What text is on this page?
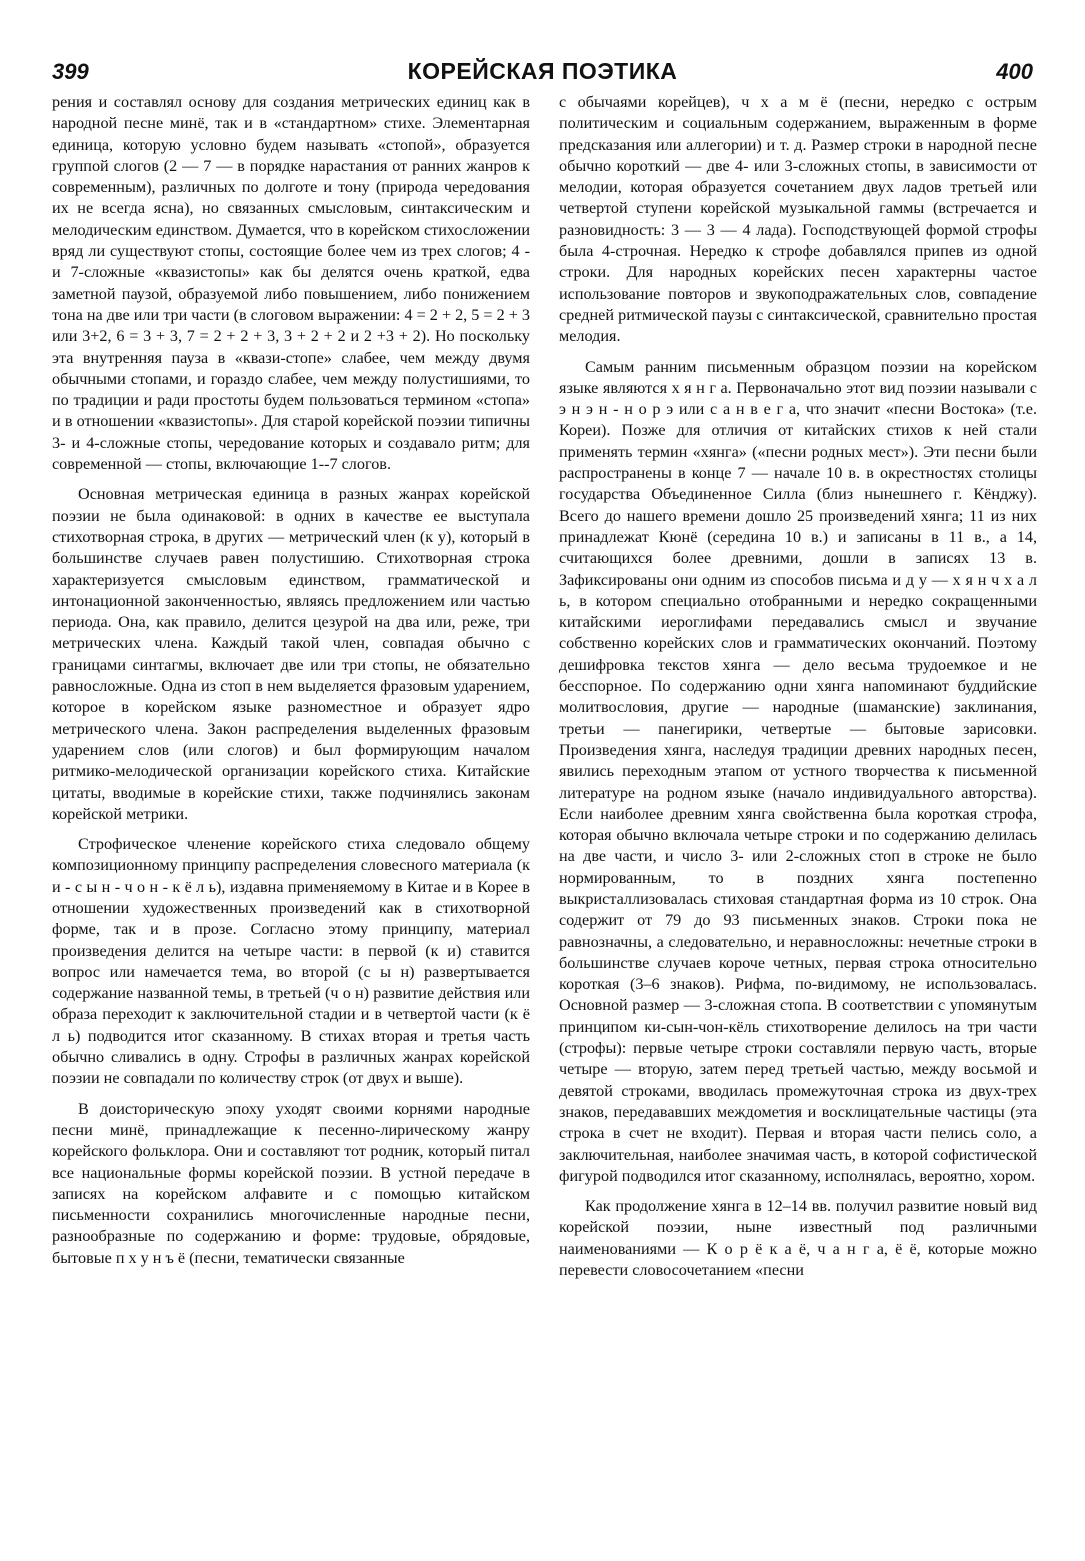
399	КОРЕЙСКАЯ ПОЭТИКА	400

рения и составлял основу для создания метрических единиц как в народной песне минё, так и в «стандартном» стихе. Элементарная единица, которую условно будем называть «стопой», образуется группой слогов (2 — 7 — в порядке нарастания от ранних жанров к современным), различных по долготе и тону (природа чередования их не всегда ясна), но связанных смысловым, синтаксическим и мелодическим единством. Думается, что в корейском стихосложении вряд ли существуют стопы, состоящие более чем из трех слогов; 4 - и 7-сложные «квазистопы» как бы делятся очень краткой, едва заметной паузой, образуемой либо повышением, либо понижением тона на две или три части (в слоговом выражении: 4 = 2 + 2, 5 = 2 + 3 или 3+2, 6 = 3 + 3, 7 = 2 + 2 + 3, 3 + 2 + 2 и 2 +3 + 2). Но поскольку эта внутренняя пауза в «квази-стопе» слабее, чем между двумя обычными стопами, и гораздо слабее, чем между полустишиями, то по традиции и ради простоты будем пользоваться термином «стопа» и в отношении «квазистопы». Для старой корейской поэзии типичны 3- и 4-сложные стопы, чередование которых и создавало ритм; для современной — стопы, включающие 1--7 слогов.

Основная метрическая единица в разных жанрах корейской поэзии не была одинаковой: в одних в качестве ее выступала стихотворная строка, в других — метрический член (к у), который в большинстве случаев равен полустишию. Стихотворная строка характеризуется смысловым единством, грамматической и интонационной законченностью, являясь предложением или частью периода. Она, как правило, делится цезурой на два или, реже, три метрических члена. Каждый такой член, совпадая обычно с границами синтагмы, включает две или три стопы, не обязательно равносложные. Одна из стоп в нем выделяется фразовым ударением, которое в корейском языке разноместное и образует ядро метрического члена. Закон распределения выделенных фразовым ударением слов (или слогов) и был формирующим началом ритмико-мелодической организации корейского стиха. Китайские цитаты, вводимые в корейские стихи, также подчинялись законам корейской метрики.

Строфическое членение корейского стиха следовало общему композиционному принципу распределения словесного материала (к и - с ы н - ч о н - к ё л ь), издавна применяемому в Китае и в Корее в отношении художественных произведений как в стихотворной форме, так и в прозе. Согласно этому принципу, материал произведения делится на четыре части: в первой (к и) ставится вопрос или намечается тема, во второй (с ы н) развертывается содержание названной темы, в третьей (ч о н) развитие действия или образа переходит к заключительной стадии и в четвертой части (к ё л ь) подводится итог сказанному. В стихах вторая и третья часть обычно сливались в одну. Строфы в различных жанрах корейской поэзии не совпадали по количеству строк (от двух и выше).

В доисторическую эпоху уходят своими корнями народные песни минё, принадлежащие к песенно-лирическому жанру корейского фольклора. Они и составляют тот родник, который питал все национальные формы корейской поэзии. В устной передаче в записях на корейском алфавите и с помощью китайском письменности сохранились многочисленные народные песни, разнообразные по содержанию и форме: трудовые, обрядовые, бытовые п х у н ъ ё (песни, тематически связанные

с обычаями корейцев), ч х а м ё (песни, нередко с острым политическим и социальным содержанием, выраженным в форме предсказания или аллегории) и т. д. Размер строки в народной песне обычно короткий — две 4- или 3-сложных стопы, в зависимости от мелодии, которая образуется сочетанием двух ладов третьей или четвертой ступени корейской музыкальной гаммы (встречается и разновидность: 3 — 3 — 4 лада). Господствующей формой строфы была 4-строчная. Нередко к строфе добавлялся припев из одной строки. Для народных корейских песен характерны частое использование повторов и звукоподражательных слов, совпадение средней ритмической паузы с синтаксической, сравнительно простая мелодия.

Самым ранним письменным образцом поэзии на корейском языке являются х я н г а. Первоначально этот вид поэзии называли с э н э н - н о р э или с а н в е г а, что значит «песни Востока» (т.е. Кореи). Позже для отличия от китайских стихов к ней стали применять термин «хянга» («песни родных мест»). Эти песни были распространены в конце 7 — начале 10 в. в окрестностях столицы государства Объединенное Силла (близ нынешнего г. Кёнджу). Всего до нашего времени дошло 25 произведений хянга; 11 из них принадлежат Кюнё (середина 10 в.) и записаны в 11 в., а 14, считающихся более древними, дошли в записях 13 в. Зафиксированы они одним из способов письма и д у — х я н ч х а л ь, в котором специально отобранными и нередко сокращенными китайскими иероглифами передавались смысл и звучание собственно корейских слов и грамматических окончаний. Поэтому дешифровка текстов хянга — дело весьма трудоемкое и не бесспорное. По содержанию одни хянга напоминают буддийские молитвословия, другие — народные (шаманские) заклинания, третьи — панегирики, четвертые — бытовые зарисовки. Произведения хянга, наследуя традиции древних народных песен, явились переходным этапом от устного творчества к письменной литературе на родном языке (начало индивидуального авторства). Если наиболее древним хянга свойственна была короткая строфа, которая обычно включала четыре строки и по содержанию делилась на две части, и число 3- или 2-сложных стоп в строке не было нормированным, то в поздних хянга постепенно выкристаллизовалась стиховая стандартная форма из 10 строк. Она содержит от 79 до 93 письменных знаков. Строки пока не равнозначны, а следовательно, и неравносложны: нечетные строки в большинстве случаев короче четных, первая строка относительно короткая (3–6 знаков). Рифма, по-видимому, не использовалась. Основной размер — 3-сложная стопа. В соответствии с упомянутым принципом ки-сын-чон-кёль стихотворение делилось на три части (строфы): первые четыре строки составляли первую часть, вторые четыре — вторую, затем перед третьей частью, между восьмой и девятой строками, вводилась промежуточная строка из двух-трех знаков, передававших междометия и восклицательные частицы (эта строка в счет не входит). Первая и вторая части пелись соло, а заключительная, наиболее значимая часть, в которой софистической фигурой подводился итог сказанному, исполнялась, вероятно, хором.

Как продолжение хянга в 12–14 вв. получил развитие новый вид корейской поэзии, ныне известный под различными наименованиями — К о р ё к а ё, ч а н г а, ё ё, которые можно перевести словосочетанием «песни
